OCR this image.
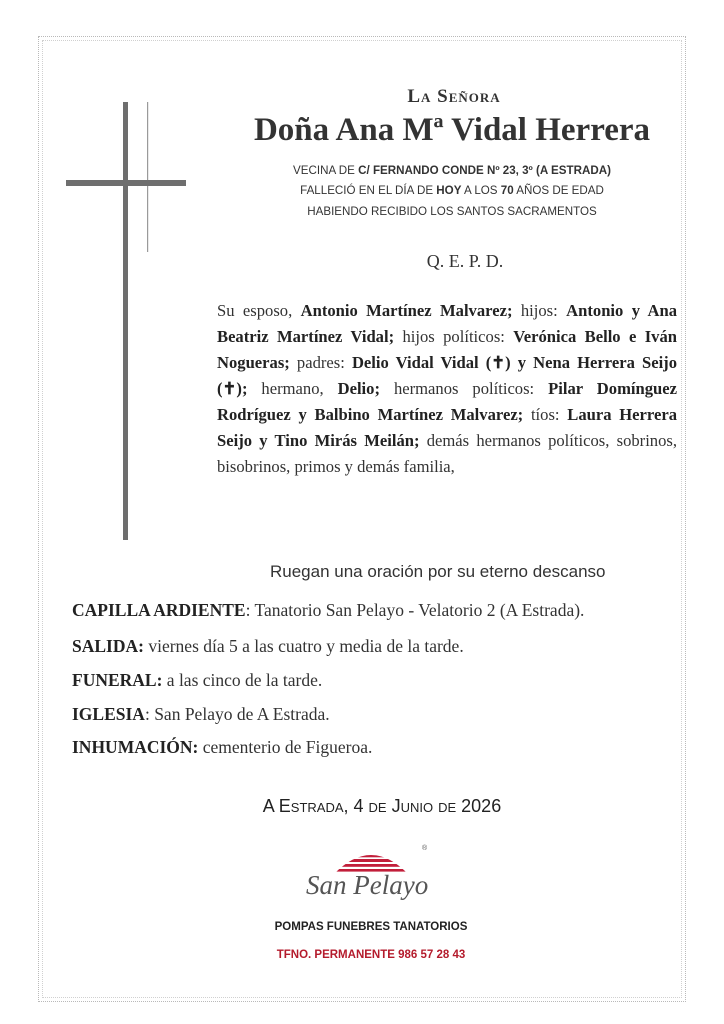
La Señora
Doña Ana Mª Vidal Herrera
VECINA DE C/ FERNANDO CONDE Nº 23, 3º (A ESTRADA)
FALLECIÓ EN EL DÍA DE HOY A LOS 70 AÑOS DE EDAD
HABIENDO RECIBIDO LOS SANTOS SACRAMENTOS
Q. E. P. D.
Su esposo, Antonio Martínez Malvarez; hijos: Antonio y Ana Beatriz Martínez Vidal; hijos políticos: Verónica Bello e Iván Nogueras; padres: Delio Vidal Vidal (✝) y Nena Herrera Seijo (✝); hermano, Delio; hermanos políticos: Pilar Domínguez Rodríguez y Balbino Martínez Malvarez; tíos: Laura Herrera Seijo y Tino Mirás Meilán; demás hermanos políticos, sobrinos, bisobrinos, primos y demás familia,
Ruegan una oración por su eterno descanso
CAPILLA ARDIENTE: Tanatorio San Pelayo - Velatorio 2 (A Estrada).
SALIDA: viernes día 5 a las cuatro y media de la tarde.
FUNERAL: a las cinco de la tarde.
IGLESIA: San Pelayo de A Estrada.
INHUMACIÓN: cementerio de Figueroa.
A Estrada, 4 de Junio de 2026
®
San Pelayo
POMPAS FUNEBRES TANATORIOS
TFNO. PERMANENTE 986 57 28 43
